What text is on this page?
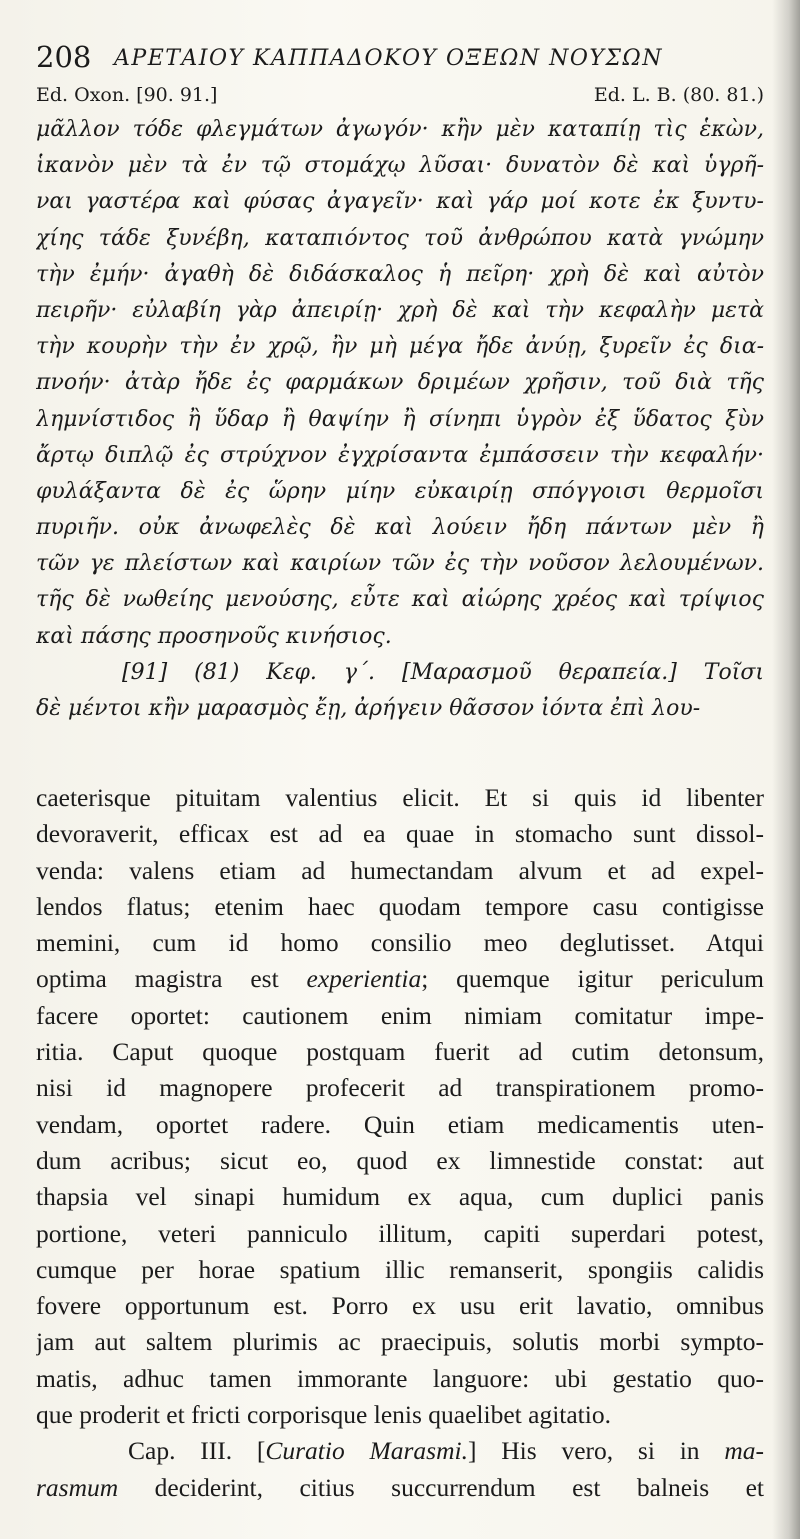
208 ΑΡΕΤΑΙΟΥ ΚΑΠΠΑΔΟΚΟΥ ΟΞΕΩΝ ΝΟΥΣΩΝ
Ed. Oxon. [90. 91.]	Ed. L. B. (80. 81.)
μᾶλλον τόδε φλεγμάτων ἀγωγόν· κἢν μὲν καταπίῃ τὶς ἑκὼν,
ἱκανὸν μὲν τὰ ἐν τῷ στομάχῳ λῦσαι· δυνατὸν δὲ καὶ ὑγρῆ-
ναι γαστέρα καὶ φύσας ἀγαγεῖν· καὶ γάρ μοί κοτε ἐκ ξυντυ-
χίης τάδε ξυνέβη, καταπιόντος τοῦ ἀνθρώπου κατὰ γνώμην
τὴν ἐμήν· ἀγαθὴ δὲ διδάσκαλος ἡ πεῖρη· χρὴ δὲ καὶ αὐτὸν
πειρῆν· εὐλαβίη γὰρ ἀπειρίῃ· χρὴ δὲ καὶ τὴν κεφαλὴν μετὰ
τὴν κουρὴν τὴν ἐν χρῷ, ἢν μὴ μέγα ἤδε ἀνύῃ, ξυρεῖν ἐς δια-
πνοήν· ἀτὰρ ἤδε ἐς φαρμάκων δριμέων χρῆσιν, τοῦ διὰ τῆς
λημνίστιδος ἢ ὕδαρ ἢ θαψίην ἢ σίνηπι ὑγρὸν ἐξ ὕδατος ξὺν
ἄρτῳ διπλῷ ἐς στρύχνον ἐγχρίσαντα ἐμπάσσειν τὴν κεφαλήν·
φυλάξαντα δὲ ἐς ὥρην μίην εὐκαιρίῃ σπόγγοισι θερμοῖσι
πυριῆν. οὐκ ἀνωφελὲς δὲ καὶ λούειν ἤδη πάντων μὲν ἢ
τῶν γε πλείστων καὶ καιρίων τῶν ἐς τὴν νοῦσον λελουμένων.
τῆς δὲ νωθείης μενούσης, εὖτε καὶ αἰώρης χρέος καὶ τρίψιος
καὶ πάσης προσηνοῦς κινήσιος.
[91] (81) Κεφ. γ΄. [Μαρασμοῦ θεραπεία.] Τοῖσι
δὲ μέντοι κἢν μαρασμὸς ἔῃ, ἀρήγειν θᾶσσον ἰόντα ἐπὶ λου-
caeterisque pituitam valentius elicit. Et si quis id libenter
devoraverit, efficax est ad ea quae in stomacho sunt dissol-
venda: valens etiam ad humectandam alvum et ad expel-
lendos flatus; etenim haec quodam tempore casu contigisse
memini, cum id homo consilio meo deglutisset. Atqui
optima magistra est experientia; quemque igitur periculum
facere oportet: cautionem enim nimiam comitatur impe-
ritia. Caput quoque postquam fuerit ad cutim detonsum,
nisi id magnopere profecerit ad transpirationem promo-
vendam, oportet radere. Quin etiam medicamentis uten-
dum acribus; sicut eo, quod ex limnestide constat: aut
thapsia vel sinapi humidum ex aqua, cum duplici panis
portione, veteri panniculo illitum, capiti superdari potest,
cumque per horae spatium illic remanserit, spongiis calidis
fovere opportunum est. Porro ex usu erit lavatio, omnibus
jam aut saltem plurimis ac praecipuis, solutis morbi sympto-
matis, adhuc tamen immorante languore: ubi gestatio quo-
que proderit et fricti corporisque lenis quaelibet agitatio.
Cap. III. [Curatio Marasmi.] His vero, si in ma-
rasmum deciderint, citius succurrendum est balneis et
